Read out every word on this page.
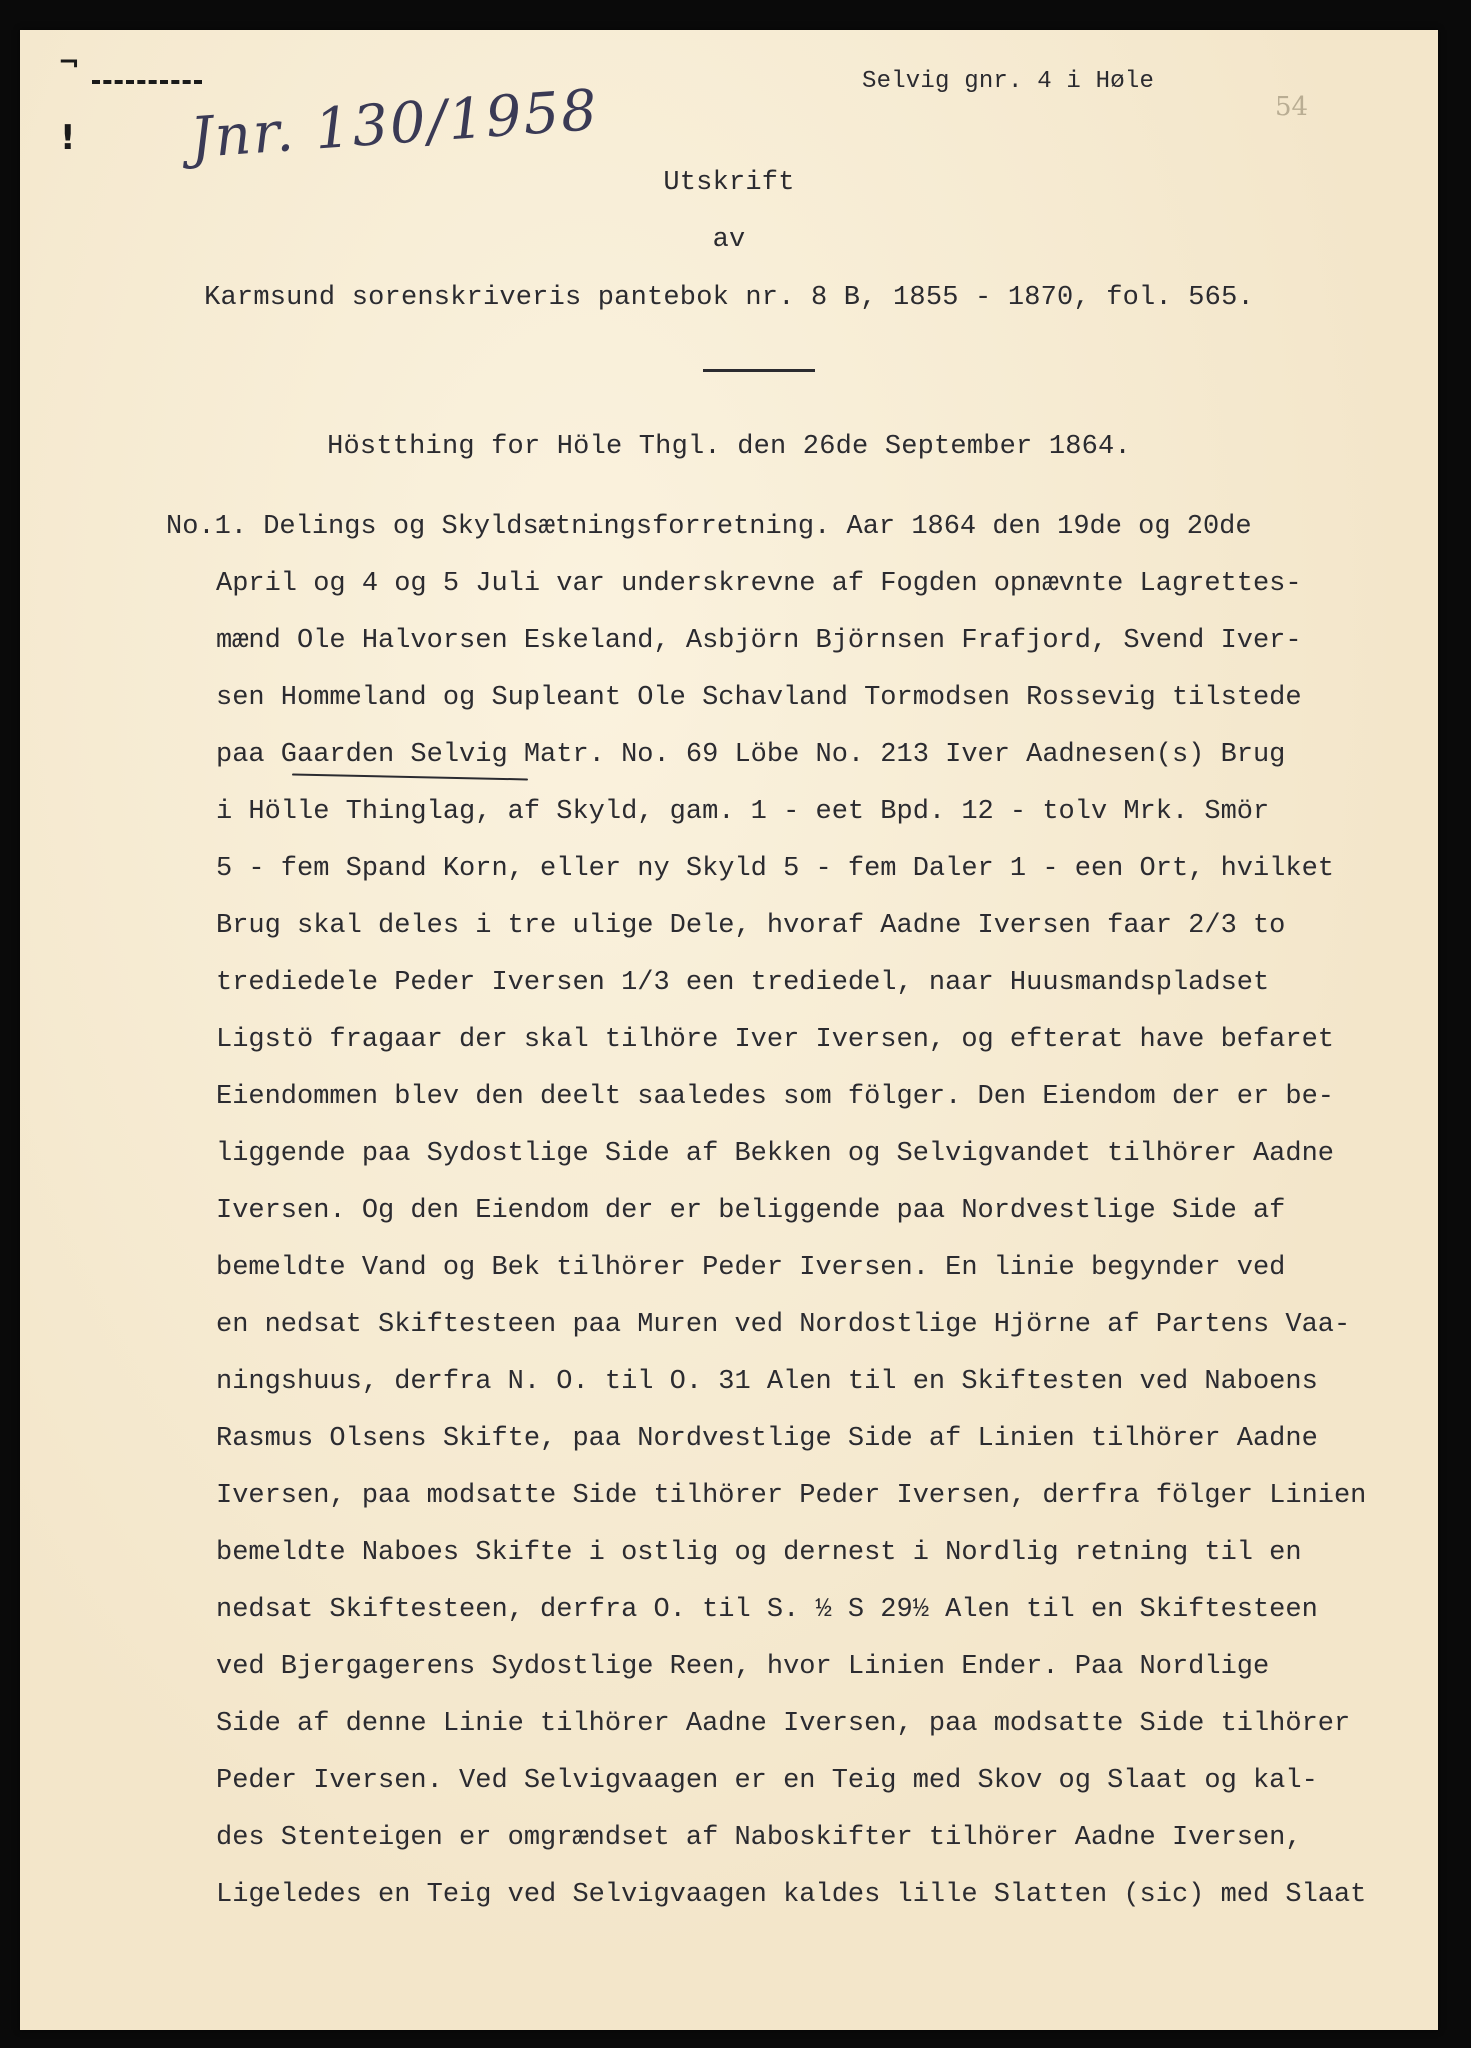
¬
!
Selvig gnr. 4 i Høle
Jnr. 130/1958	54
Utskrift
av
Karmsund sorenskriveris pantebok nr. 8 B, 1855 - 1870, fol. 565.
Höstthing for Höle Thgl. den 26de September 1864.
No.1. Delings og Skyldsætningsforretning. Aar 1864 den 19de og 20de
April og 4 og 5 Juli var underskrevne af Fogden opnævnte Lagrettes-
mænd Ole Halvorsen Eskeland, Asbjörn Björnsen Frafjord, Svend Iver-
sen Hommeland og Supleant Ole Schavland Tormodsen Rossevig tilstede
paa Gaarden Selvig Matr. No. 69 Löbe No. 213 Iver Aadnesen(s) Brug
i Hölle Thinglag, af Skyld, gam. 1 - eet Bpd. 12 - tolv Mrk. Smör
5 - fem Spand Korn, eller ny Skyld 5 - fem Daler 1 - een Ort, hvilket
Brug skal deles i tre ulige Dele, hvoraf Aadne Iversen faar 2/3 to
trediedele Peder Iversen 1/3 een trediedel, naar Huusmandspladset
Ligstö fragaar der skal tilhöre Iver Iversen, og efterat have befaret
Eiendommen blev den deelt saaledes som fölger. Den Eiendom der er be-
liggende paa Sydostlige Side af Bekken og Selvigvandet tilhörer Aadne
Iversen. Og den Eiendom der er beliggende paa Nordvestlige Side af
bemeldte Vand og Bek tilhörer Peder Iversen. En linie begynder ved
en nedsat Skiftesteen paa Muren ved Nordostlige Hjörne af Partens Vaa-
ningshuus, derfra N. O. til O. 31 Alen til en Skiftesten ved Naboens
Rasmus Olsens Skifte, paa Nordvestlige Side af Linien tilhörer Aadne
Iversen, paa modsatte Side tilhörer Peder Iversen, derfra fölger Linien
bemeldte Naboes Skifte i ostlig og dernest i Nordlig retning til en
nedsat Skiftesteen, derfra O. til S. ½ S 29½ Alen til en Skiftesteen
ved Bjergagerens Sydostlige Reen, hvor Linien Ender. Paa Nordlige
Side af denne Linie tilhörer Aadne Iversen, paa modsatte Side tilhörer
Peder Iversen. Ved Selvigvaagen er en Teig med Skov og Slaat og kal-
des Stenteigen er omgrændset af Naboskifter tilhörer Aadne Iversen,
Ligeledes en Teig ved Selvigvaagen kaldes lille Slatten (sic) med Slaat
